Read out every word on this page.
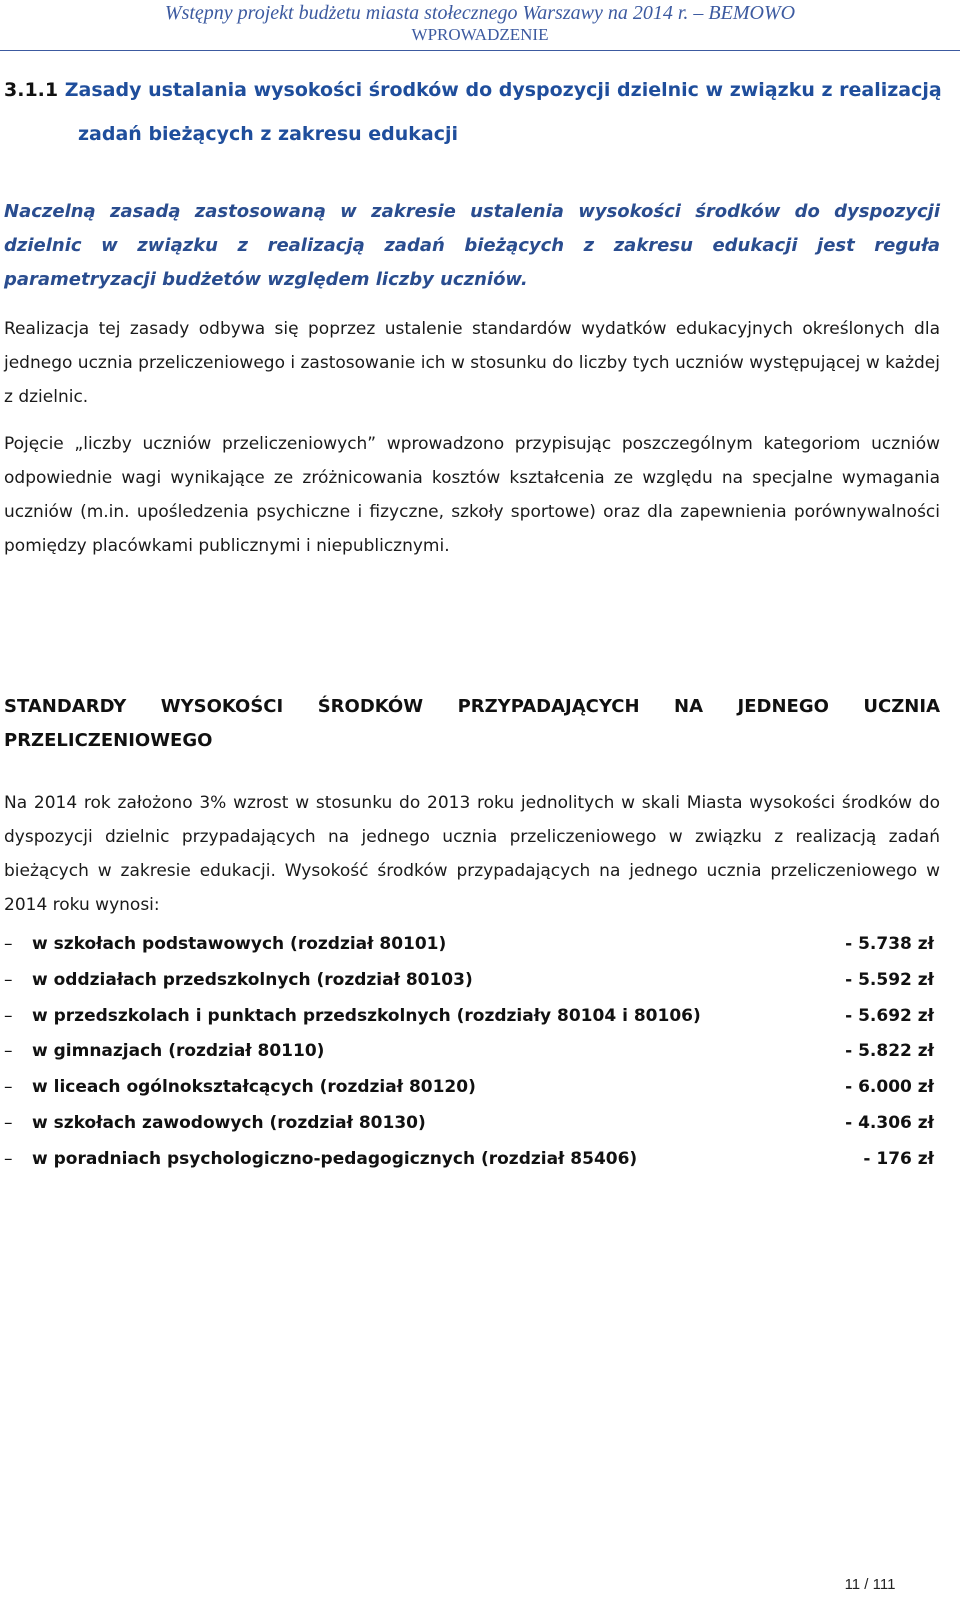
Wstępny projekt budżetu miasta stołecznego Warszawy na 2014 r. – BEMOWO
WPROWADZENIE
3.1.1 Zasady ustalania wysokości środków do dyspozycji dzielnic w związku z realizacją
zadań bieżących z zakresu edukacji
Naczelną zasadą zastosowaną w zakresie ustalenia wysokości środków do dyspozycji dzielnic w związku z realizacją zadań bieżących z zakresu edukacji jest reguła parametryzacji budżetów względem liczby uczniów.
Realizacja tej zasady odbywa się poprzez ustalenie standardów wydatków edukacyjnych określonych dla jednego ucznia przeliczeniowego i zastosowanie ich w stosunku do liczby tych uczniów występującej w każdej z dzielnic.
Pojęcie „liczby uczniów przeliczeniowych” wprowadzono przypisując poszczególnym kategoriom uczniów odpowiednie wagi wynikające ze zróżnicowania kosztów kształcenia ze względu na specjalne wymagania uczniów (m.in. upośledzenia psychiczne i fizyczne, szkoły sportowe) oraz dla zapewnienia porównywalności pomiędzy placówkami publicznymi i niepublicznymi.
STANDARDY WYSOKOŚCI ŚRODKÓW PRZYPADAJĄCYCH NA JEDNEGO UCZNIA PRZELICZENIOWEGO
Na 2014 rok założono 3% wzrost w stosunku do 2013 roku jednolitych w skali Miasta wysokości środków do dyspozycji dzielnic przypadających na jednego ucznia przeliczeniowego w związku z realizacją zadań bieżących w zakresie edukacji. Wysokość środków przypadających na jednego ucznia przeliczeniowego w 2014 roku wynosi:
– w szkołach podstawowych (rozdział 80101)	- 5.738 zł
– w oddziałach przedszkolnych (rozdział 80103)	- 5.592 zł
– w przedszkolach i punktach przedszkolnych (rozdziały 80104 i 80106)	- 5.692 zł
– w gimnazjach (rozdział 80110)	- 5.822 zł
– w liceach ogólnokształcących (rozdział 80120)	- 6.000 zł
– w szkołach zawodowych (rozdział 80130)	- 4.306 zł
– w poradniach psychologiczno-pedagogicznych (rozdział 85406)	- 176 zł
11 / 111
